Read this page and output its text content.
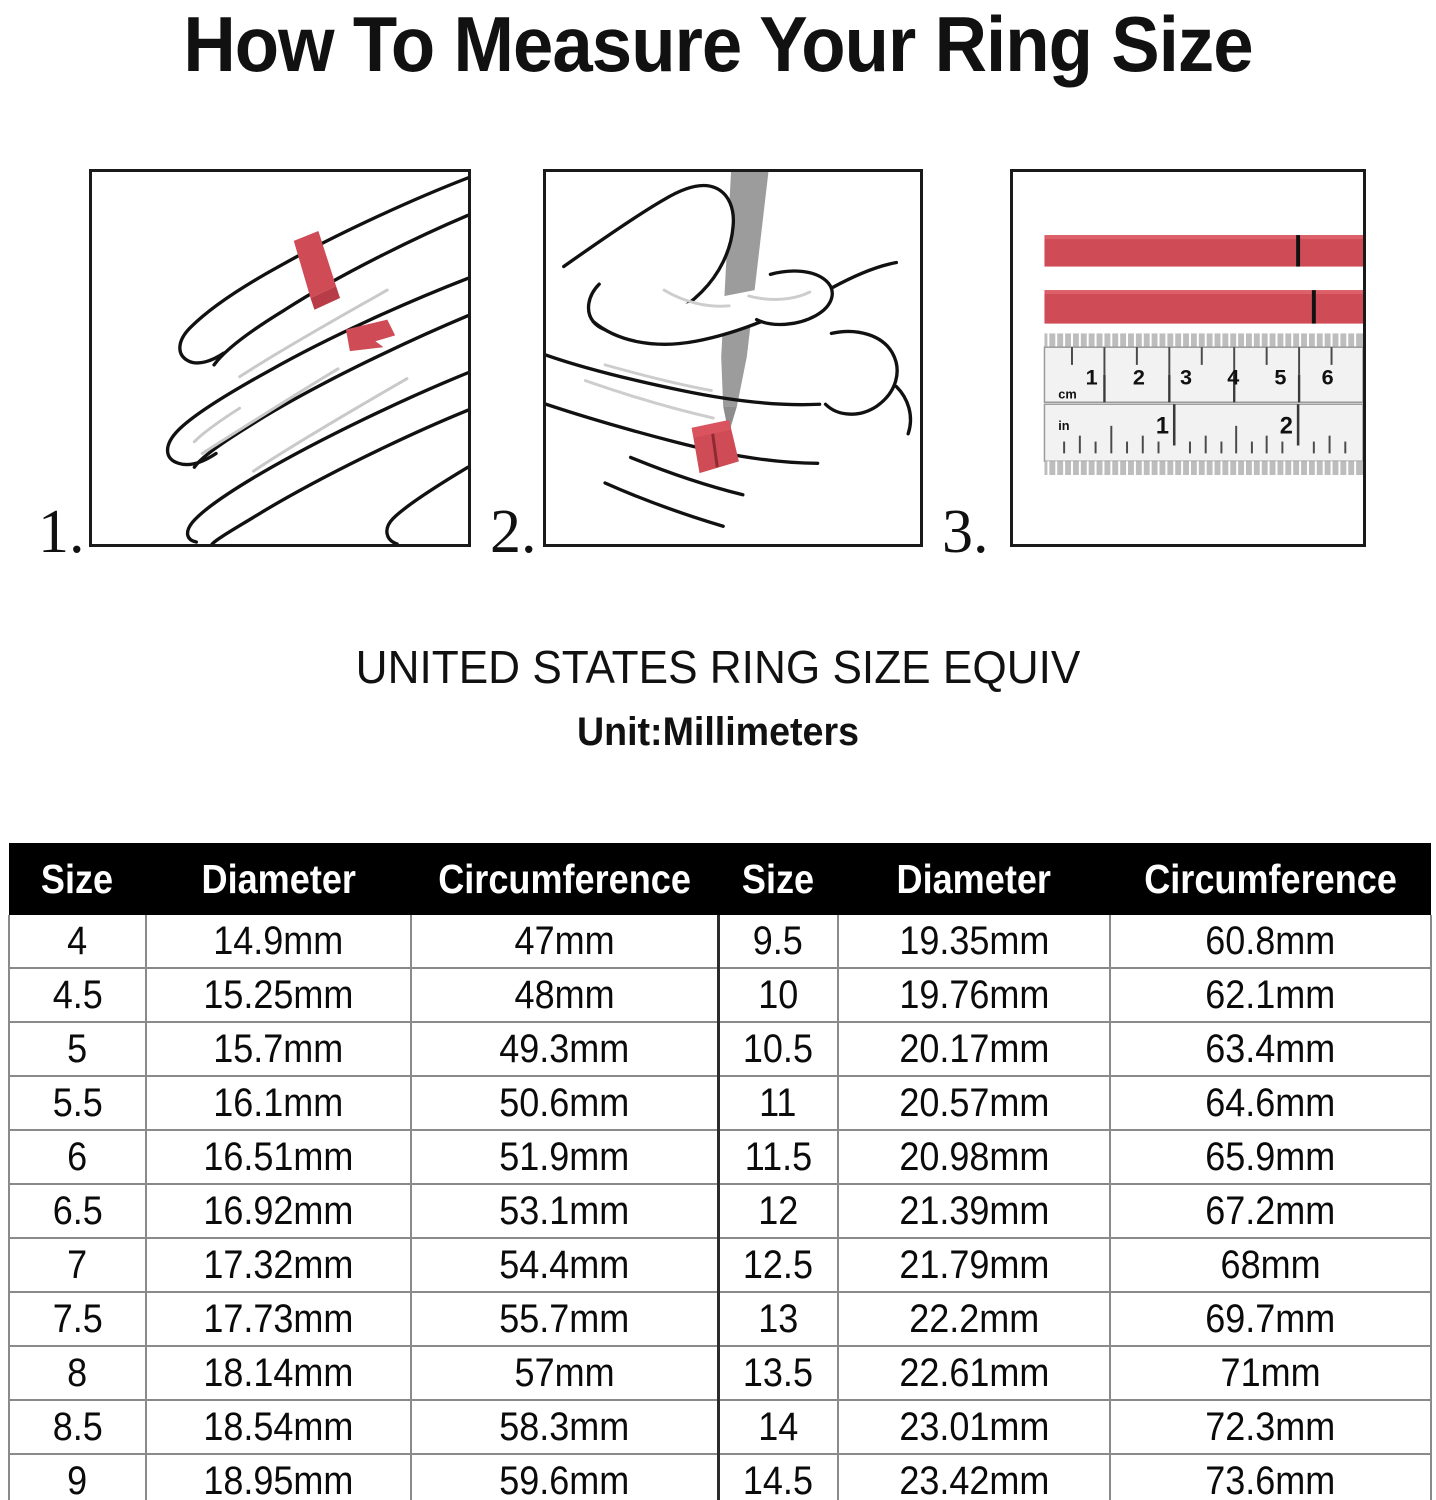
How To Measure Your Ring Size
1.	2.	3.
1 2 3 4 5 6
cm
1	2
in
UNITED STATES RING SIZE EQUIV
Unit:Millimeters
Size	Diameter	Circumference	Size	Diameter	Circumference
4	14.9mm	47mm	9.5	19.35mm	60.8mm
4.5	15.25mm	48mm	10	19.76mm	62.1mm
5	15.7mm	49.3mm	10.5	20.17mm	63.4mm
5.5	16.1mm	50.6mm	11	20.57mm	64.6mm
6	16.51mm	51.9mm	11.5	20.98mm	65.9mm
6.5	16.92mm	53.1mm	12	21.39mm	67.2mm
7	17.32mm	54.4mm	12.5	21.79mm	68mm
7.5	17.73mm	55.7mm	13	22.2mm	69.7mm
8	18.14mm	57mm	13.5	22.61mm	71mm
8.5	18.54mm	58.3mm	14	23.01mm	72.3mm
9	18.95mm	59.6mm	14.5	23.42mm	73.6mm
